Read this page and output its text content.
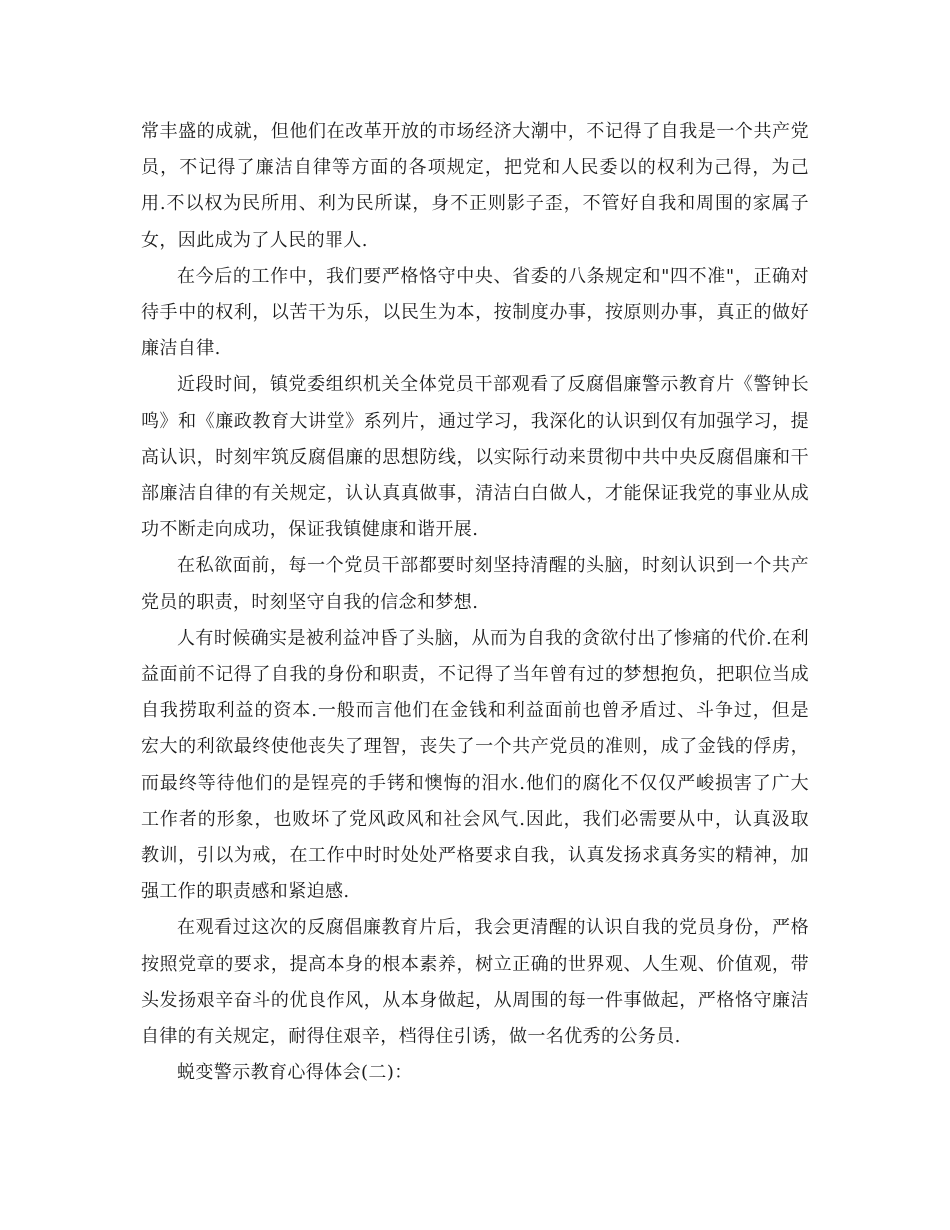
常丰盛的成就，但他们在改革开放的市场经济大潮中，不记得了自我是一个共产党员，不记得了廉洁自律等方面的各项规定，把党和人民委以的权利为己得，为己用.不以权为民所用、利为民所谋，身不正则影子歪，不管好自我和周围的家属子女，因此成为了人民的罪人.

在今后的工作中，我们要严格恪守中央、省委的八条规定和"四不准"，正确对待手中的权利，以苦干为乐，以民生为本，按制度办事，按原则办事，真正的做好廉洁自律.

近段时间，镇党委组织机关全体党员干部观看了反腐倡廉警示教育片《警钟长鸣》和《廉政教育大讲堂》系列片，通过学习，我深化的认识到仅有加强学习，提高认识，时刻牢筑反腐倡廉的思想防线，以实际行动来贯彻中共中央反腐倡廉和干部廉洁自律的有关规定，认认真真做事，清洁白白做人，才能保证我党的事业从成功不断走向成功，保证我镇健康和谐开展.

在私欲面前，每一个党员干部都要时刻坚持清醒的头脑，时刻认识到一个共产党员的职责，时刻坚守自我的信念和梦想.

人有时候确实是被利益冲昏了头脑，从而为自我的贪欲付出了惨痛的代价.在利益面前不记得了自我的身份和职责，不记得了当年曾有过的梦想抱负，把职位当成自我捞取利益的资本.一般而言他们在金钱和利益面前也曾矛盾过、斗争过，但是宏大的利欲最终使他丧失了理智，丧失了一个共产党员的准则，成了金钱的俘虏，而最终等待他们的是锃亮的手铐和懊悔的泪水.他们的腐化不仅仅严峻损害了广大工作者的形象，也败坏了党风政风和社会风气.因此，我们必需要从中，认真汲取教训，引以为戒，在工作中时时处处严格要求自我，认真发扬求真务实的精神，加强工作的职责感和紧迫感.

在观看过这次的反腐倡廉教育片后，我会更清醒的认识自我的党员身份，严格按照党章的要求，提高本身的根本素养，树立正确的世界观、人生观、价值观，带头发扬艰辛奋斗的优良作风，从本身做起，从周围的每一件事做起，严格恪守廉洁自律的有关规定，耐得住艰辛，档得住引诱，做一名优秀的公务员.

蜕变警示教育心得体会(二)：
